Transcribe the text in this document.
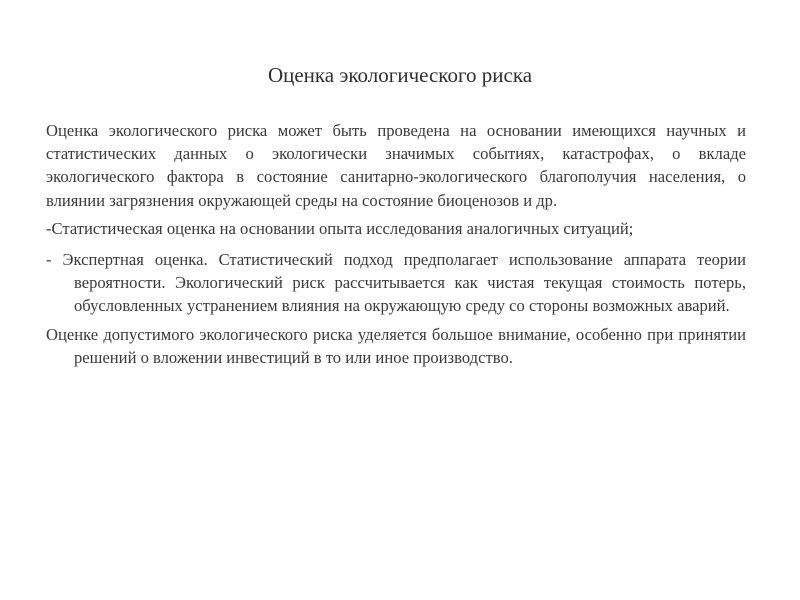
Оценка экологического риска

Оценка экологического риска может быть проведена на основании имеющихся научных и статистических данных о экологически значимых событиях, катастрофах, о вкладе экологического фактора в состояние санитарно-экологического благополучия населения, о влиянии загрязнения окружающей среды на состояние биоценозов и др.

-Статистическая оценка на основании опыта исследования аналогичных ситуаций;

- Экспертная оценка. Статистический подход предполагает использование аппарата теории вероятности. Экологический риск рассчитывается как чистая текущая стоимость потерь, обусловленных устранением влияния на окружающую среду со стороны возможных аварий.

Оценке допустимого экологического риска уделяется большое внимание, особенно при принятии решений о вложении инвестиций в то или иное производство.
